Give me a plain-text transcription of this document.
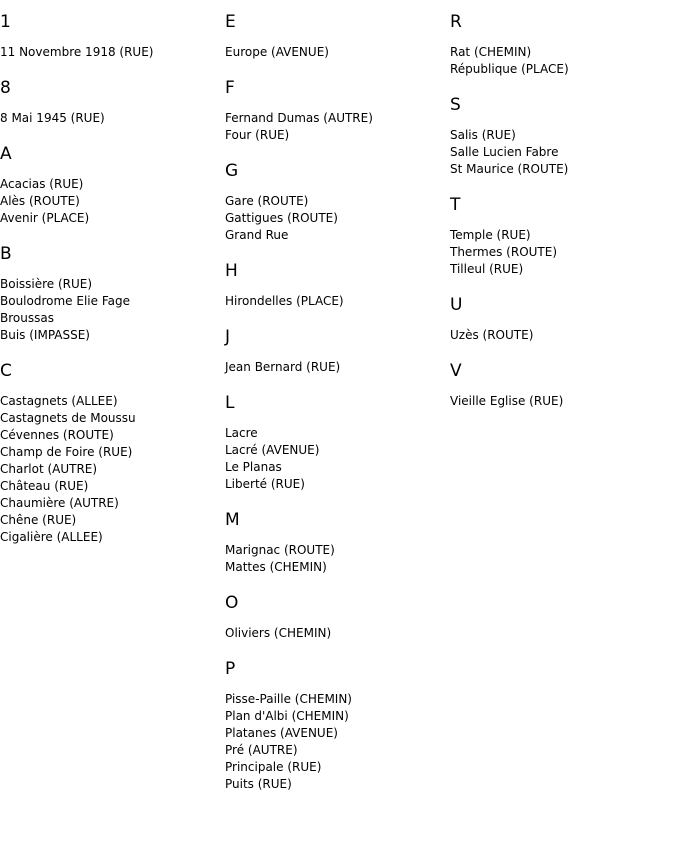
1
11 Novembre 1918 (RUE)
8
8 Mai 1945 (RUE)
A
Acacias (RUE)
Alès (ROUTE)
Avenir (PLACE)
B
Boissière (RUE)
Boulodrome Elie Fage
Broussas
Buis (IMPASSE)
C
Castagnets (ALLEE)
Castagnets de Moussu
Cévennes (ROUTE)
Champ de Foire (RUE)
Charlot (AUTRE)
Château (RUE)
Chaumière (AUTRE)
Chêne (RUE)
Cigalière (ALLEE)
E
Europe (AVENUE)
F
Fernand Dumas (AUTRE)
Four (RUE)
G
Gare (ROUTE)
Gattigues (ROUTE)
Grand Rue
H
Hirondelles (PLACE)
J
Jean Bernard (RUE)
L
Lacre
Lacré (AVENUE)
Le Planas
Liberté (RUE)
M
Marignac (ROUTE)
Mattes (CHEMIN)
O
Oliviers (CHEMIN)
P
Pisse-Paille (CHEMIN)
Plan d'Albi (CHEMIN)
Platanes (AVENUE)
Pré (AUTRE)
Principale (RUE)
Puits (RUE)
R
Rat (CHEMIN)
République (PLACE)
S
Salis (RUE)
Salle Lucien Fabre
St Maurice (ROUTE)
T
Temple (RUE)
Thermes (ROUTE)
Tilleul (RUE)
U
Uzès (ROUTE)
V
Vieille Eglise (RUE)
